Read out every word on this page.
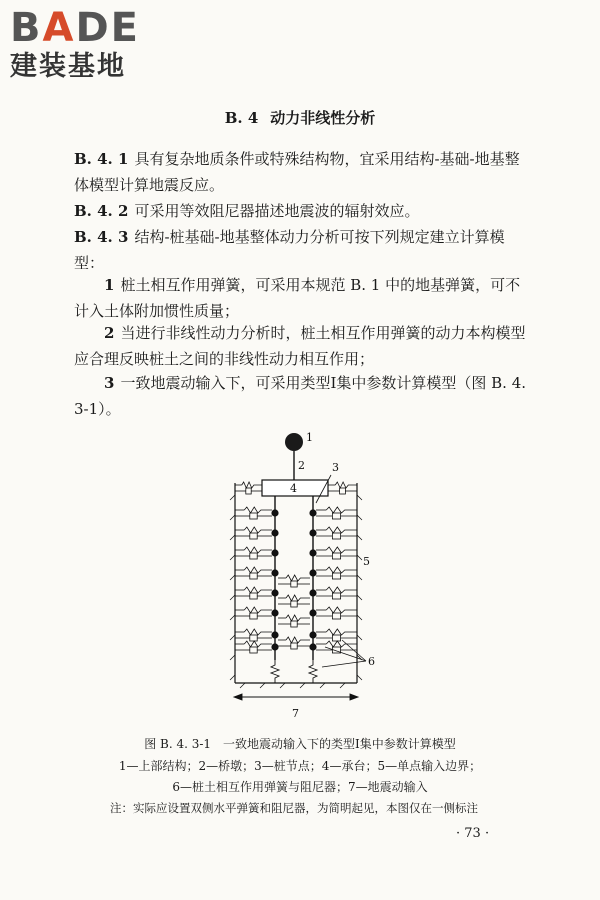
BADE
建装基地
B. 4 动力非线性分析
B. 4. 1 具有复杂地质条件或特殊结构物，宜采用结构-基础-地基整体模型计算地震反应。
B. 4. 2 可采用等效阻尼器描述地震波的辐射效应。
B. 4. 3 结构-桩基础-地基整体动力分析可按下列规定建立计算模型：
1 桩土相互作用弹簧，可采用本规范 B. 1 中的地基弹簧，可不计入土体附加惯性质量；
2 当进行非线性动力分析时，桩土相互作用弹簧的动力本构模型应合理反映桩土之间的非线性动力相互作用；
3 一致地震动输入下，可采用类型Ⅰ集中参数计算模型（图 B. 4. 3-1）。
1
2
4
3
5
6
7
图 B. 4. 3-1　一致地震动输入下的类型Ⅰ集中参数计算模型
1—上部结构；2—桥墩；3—桩节点；4—承台；5—单点输入边界；
6—桩土相互作用弹簧与阻尼器；7—地震动输入
注：实际应设置双侧水平弹簧和阻尼器，为简明起见，本图仅在一侧标注
· 73 ·
